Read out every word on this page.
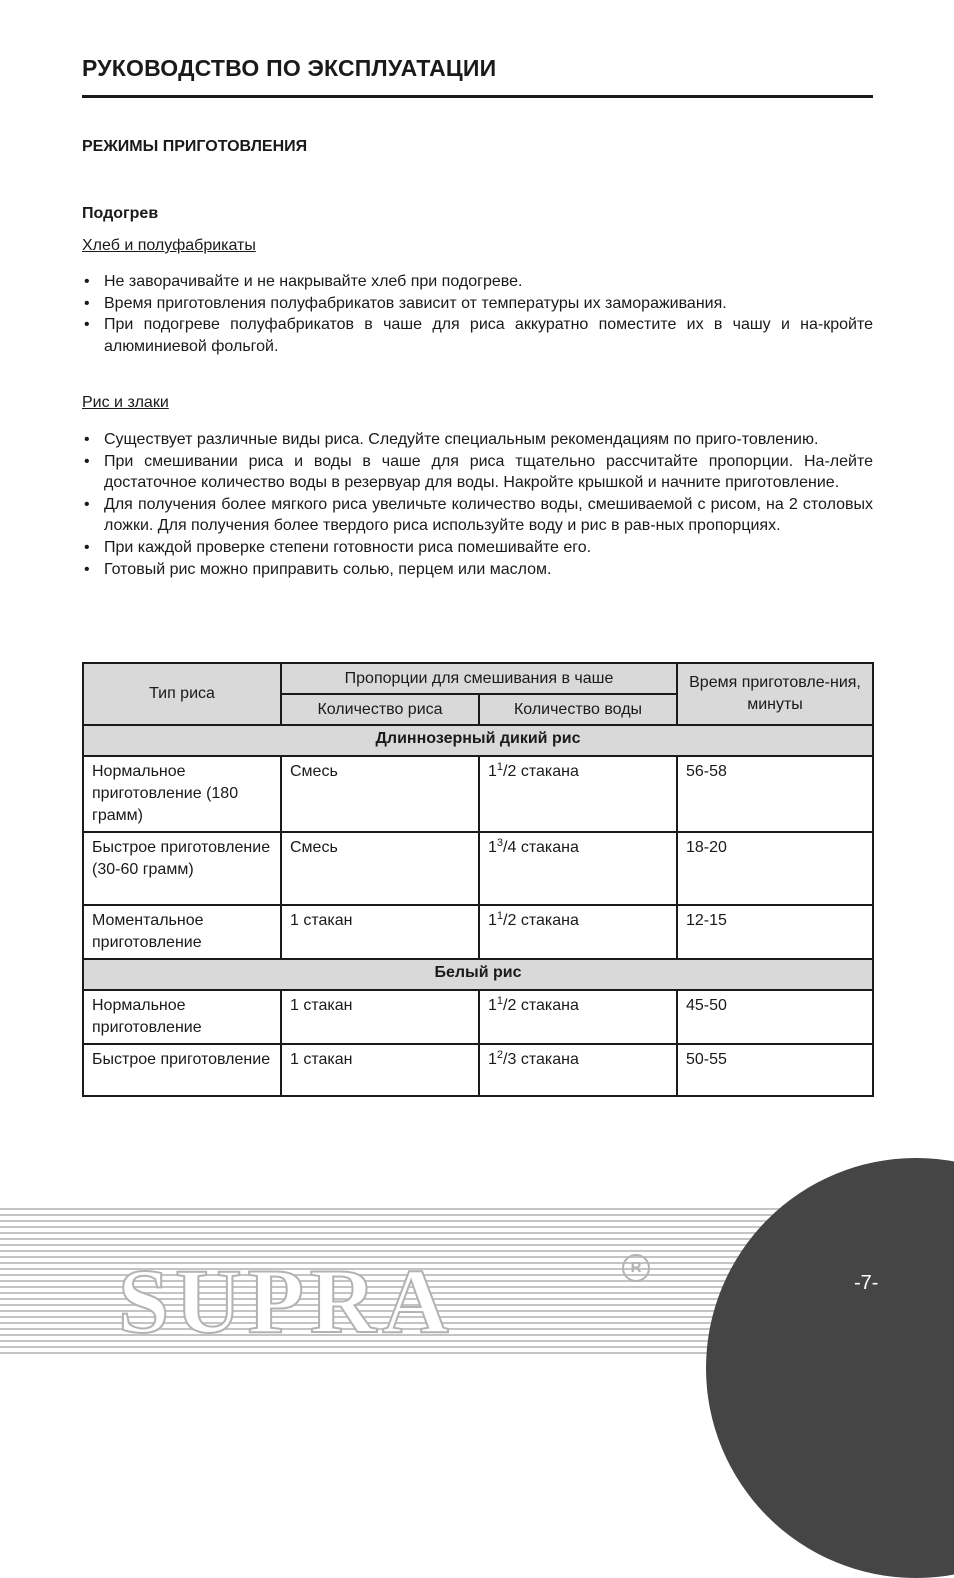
РУКОВОДСТВО ПО ЭКСПЛУАТАЦИИ
РЕЖИМЫ ПРИГОТОВЛЕНИЯ
Подогрев
Хлеб и полуфабрикаты
• Не заворачивайте и не накрывайте хлеб при подогреве.
• Время приготовления полуфабрикатов зависит от температуры их замораживания.
• При подогреве полуфабрикатов в чаше для риса аккуратно поместите их в чашу и на-кройте алюминиевой фольгой.
Рис и злаки
• Существует различные виды риса. Следуйте специальным рекомендациям по приго-товлению.
• При смешивании риса и воды в чаше для риса тщательно рассчитайте пропорции. На-лейте достаточное количество воды в резервуар для воды. Накройте крышкой и начните приготовление.
• Для получения более мягкого риса увеличьте количество воды, смешиваемой с рисом, на 2 столовых ложки. Для получения более твердого риса используйте воду и рис в рав-ных пропорциях.
• При каждой проверке степени готовности риса помешивайте его.
• Готовый рис можно приправить солью, перцем или маслом.
Тип риса	Пропорции для смешивания в чаше		Время приготовле-ния, минуты
	Количество риса	Количество воды	
Длиннозерный дикий рис			
Нормальное приготовление (180 грамм)	Смесь	$1^1/2$ стакана	56-58
Быстрое приготовление (30-60 грамм)	Смесь	$1^3/4$ стакана	18-20
Моментальное приготовление	1 стакан	$1^1/2$ стакана	12-15
Белый рис			
Нормальное приготовление	1 стакан	$1^1/2$ стакана	45-50
Быстрое приготовление	1 стакан	$1^2/3$ стакана	50-55
SUPRA	R
-7-
